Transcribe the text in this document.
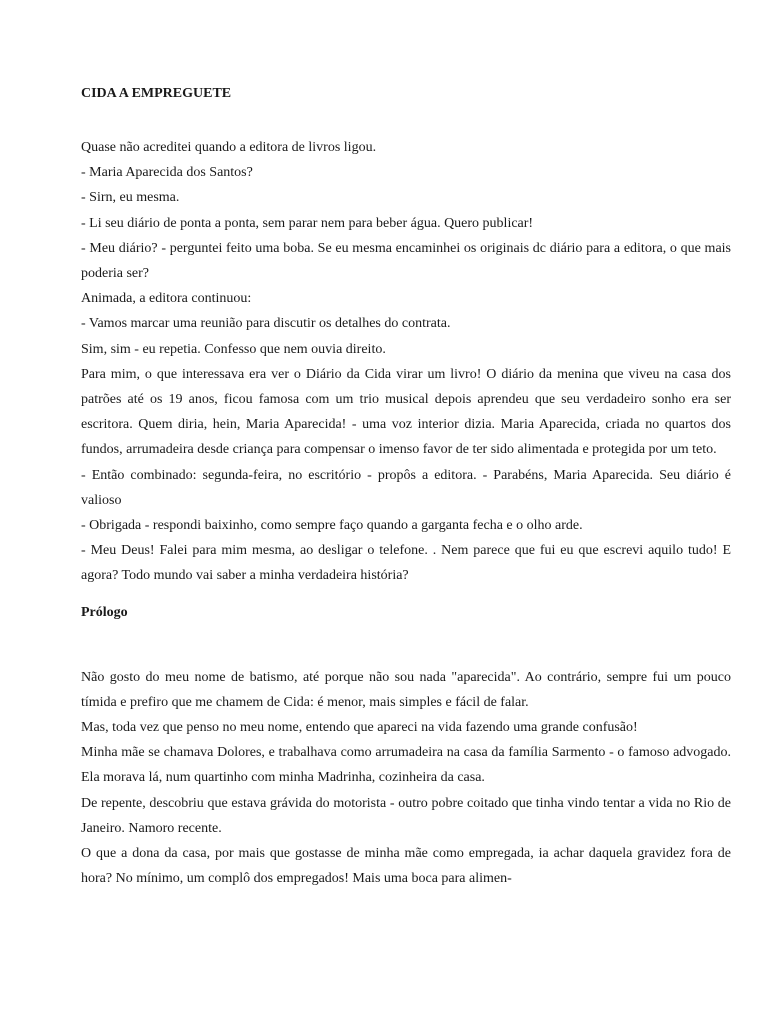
CIDA A EMPREGUETE

Quase não acreditei quando a editora de livros ligou.

- Maria Aparecida dos Santos?

- Sirn, eu mesma.

- Li seu diário de ponta a ponta, sem parar nem para beber água. Quero publicar!

- Meu diário? - perguntei feito uma boba. Se eu mesma encaminhei os originais dc diário para a editora, o que mais poderia ser?

Animada, a editora continuou:

- Vamos marcar uma reunião para discutir os detalhes do contrata.

Sim, sim - eu repetia. Confesso que nem ouvia direito.

Para mim, o que interessava era ver o Diário da Cida virar um livro! O diário da menina que viveu na casa dos patrões até os 19 anos, ficou famosa com um trio musical depois aprendeu que seu verdadeiro sonho era ser escritora. Quem diria, hein, Maria Aparecida! - uma voz interior dizia. Maria Aparecida, criada no quartos dos fundos, arrumadeira desde criança para compensar o imenso favor de ter sido alimentada e protegida por um teto.

- Então combinado: segunda-feira, no escritório - propôs a editora. - Parabéns, Maria Aparecida. Seu diário é valioso

- Obrigada - respondi baixinho, como sempre faço quando a garganta fecha e o olho arde.

- Meu Deus! Falei para mim mesma, ao desligar o telefone. . Nem parece que fui eu que escrevi aquilo tudo! E agora? Todo mundo vai saber a minha verdadeira história?

Prólogo

Não gosto do meu nome de batismo, até porque não sou nada "aparecida". Ao contrário, sempre fui um pouco tímida e prefiro que me chamem de Cida: é menor, mais simples e fácil de falar.

Mas, toda vez que penso no meu nome, entendo que apareci na vida fazendo uma grande confusão!

Minha mãe se chamava Dolores, e trabalhava como arrumadeira na casa da família Sarmento - o famoso advogado. Ela morava lá, num quartinho com minha Madrinha, cozinheira da casa.

De repente, descobriu que estava grávida do motorista - outro pobre coitado que tinha vindo tentar a vida no Rio de Janeiro. Namoro recente.

O que a dona da casa, por mais que gostasse de minha mãe como empregada, ia achar daquela gravidez fora de hora? No mínimo, um complô dos empregados! Mais uma boca para alimen-
